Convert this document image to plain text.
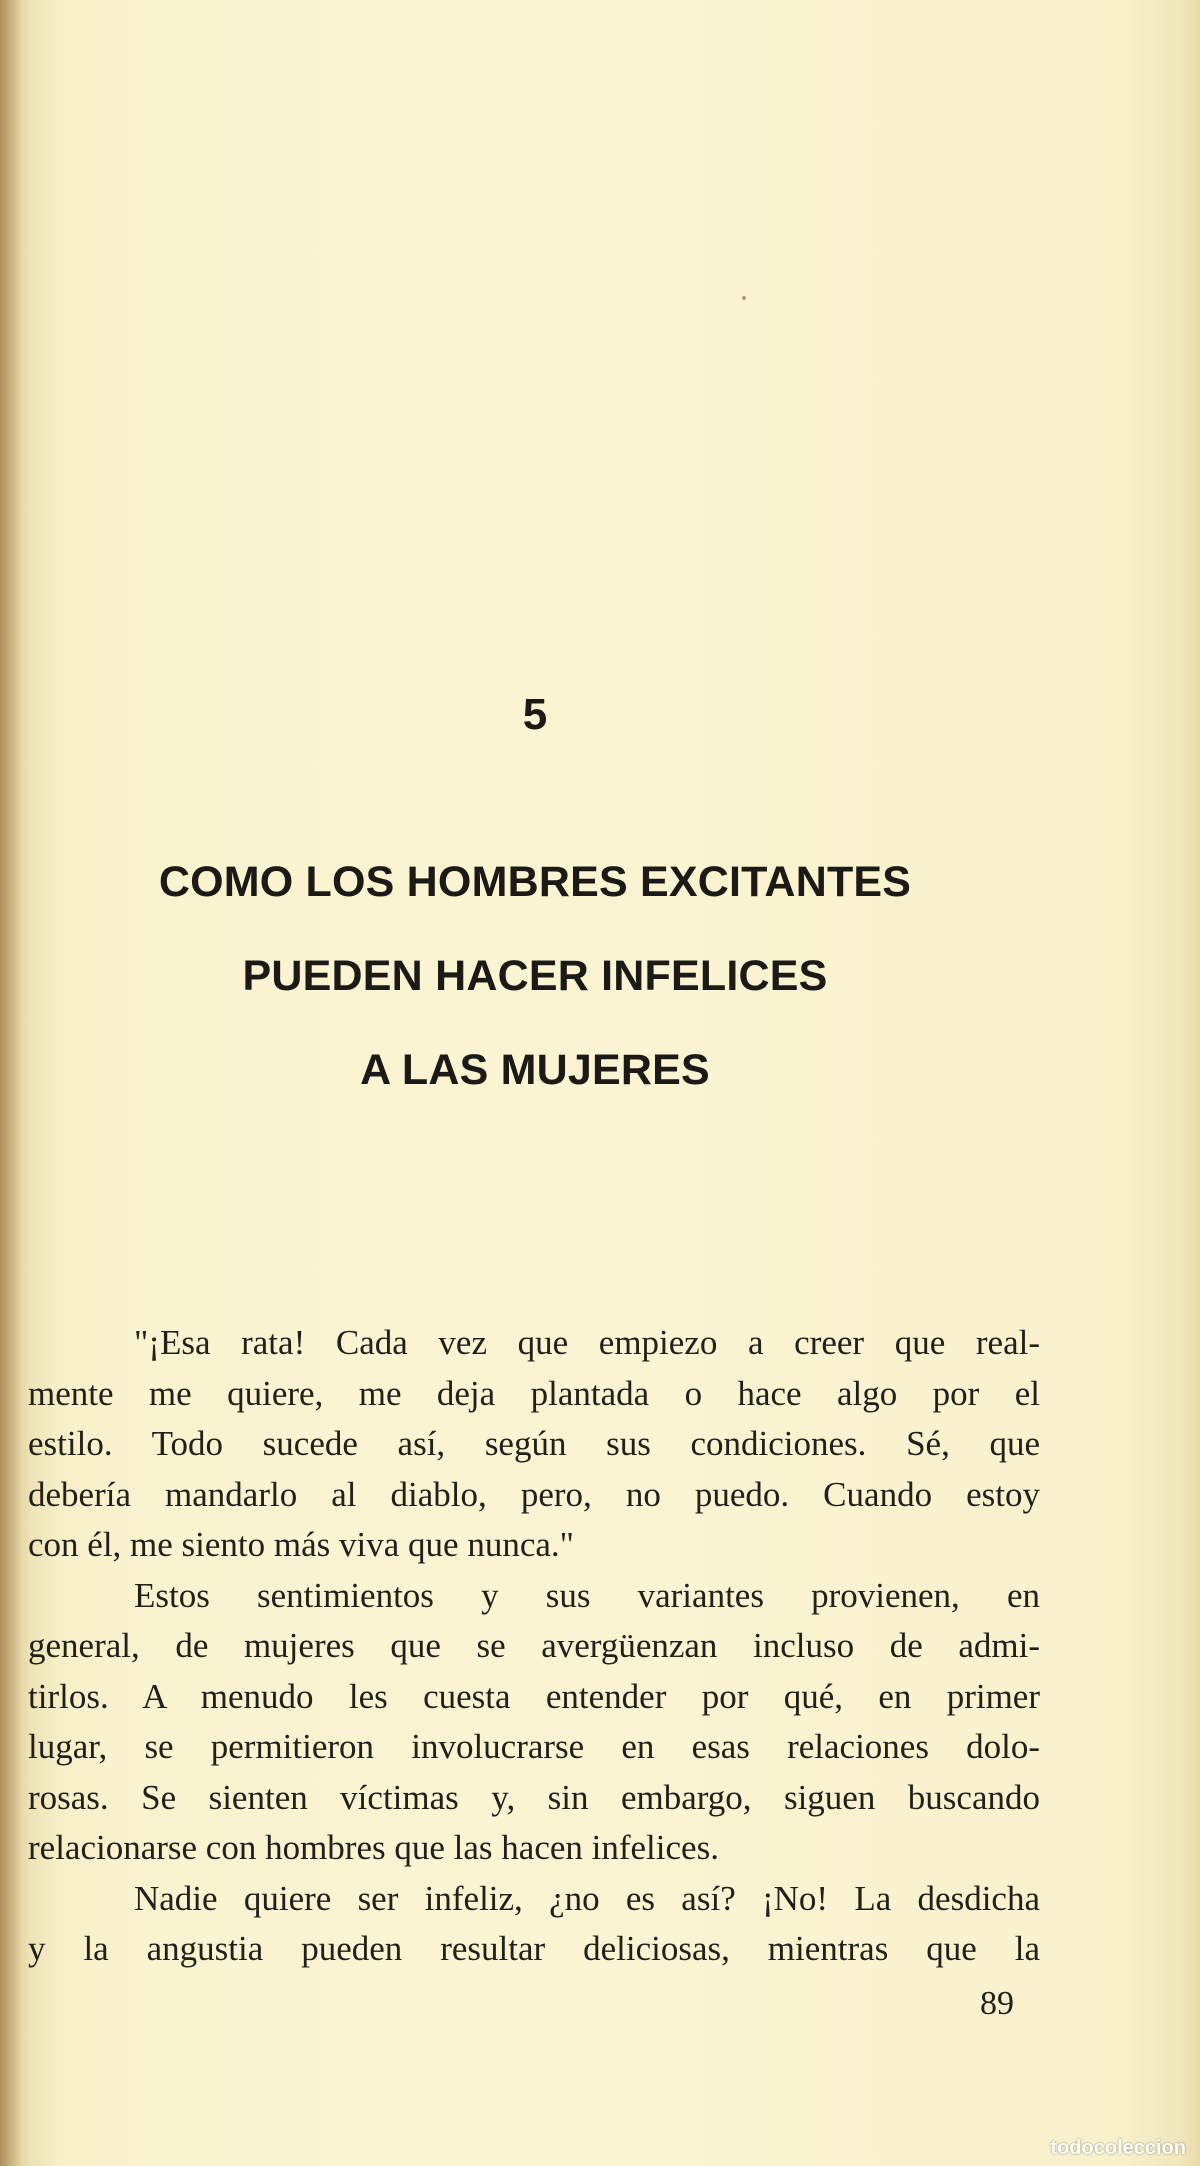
5
COMO LOS HOMBRES EXCITANTES
PUEDEN HACER INFELICES
A LAS MUJERES
"¡Esa rata! Cada vez que empiezo a creer que real-
mente me quiere, me deja plantada o hace algo por el
estilo. Todo sucede así, según sus condiciones. Sé, que
debería mandarlo al diablo, pero, no puedo. Cuando estoy
con él, me siento más viva que nunca."
Estos sentimientos y sus variantes provienen, en
general, de mujeres que se avergüenzan incluso de admi-
tirlos. A menudo les cuesta entender por qué, en primer
lugar, se permitieron involucrarse en esas relaciones dolo-
rosas. Se sienten víctimas y, sin embargo, siguen buscando
relacionarse con hombres que las hacen infelices.
Nadie quiere ser infeliz, ¿no es así? ¡No! La desdicha
y la angustia pueden resultar deliciosas, mientras que la
89
todocoleccion
